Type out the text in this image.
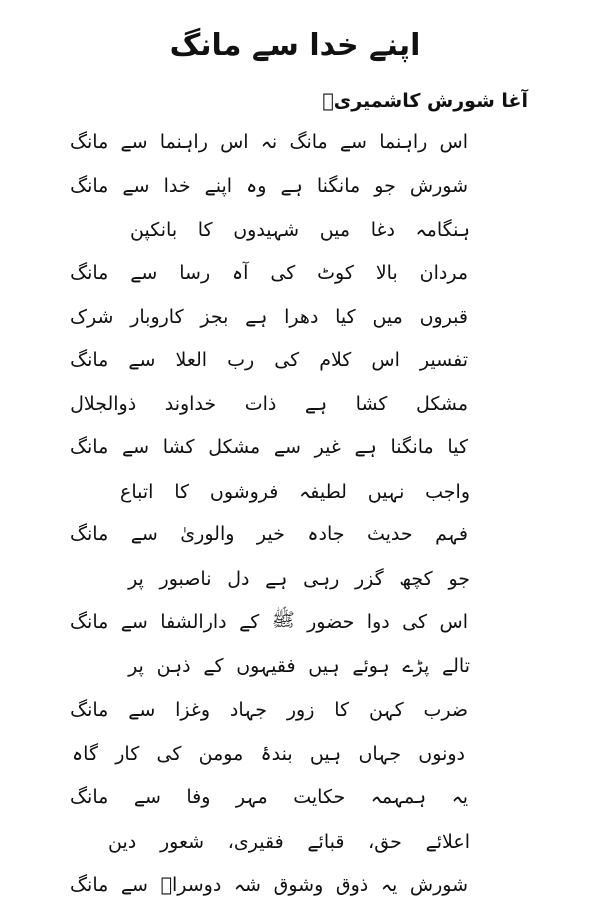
اپنے خدا سے مانگ
آغا شورش کاشمیریؒ
اس
راہنما
سے
مانگ
نہ
اس
راہنما
سے
مانگ
شورش
جو
مانگنا
ہے
وہ
اپنے
خدا
سے
مانگ
ہنگامہ
دغا
میں
شہیدوں
کا
بانکپن
مردان
بالا
کوٹ
کی
آہ
رسا
سے
مانگ
قبروں
میں
کیا
دھرا
ہے
بجز
کاروبار
شرک
تفسیر
اس
کلام
کی
رب
العلا
سے
مانگ
مشکل
کشا
ہے
ذات
خداوند
ذوالجلال
کیا
مانگنا
ہے
غیر
سے
مشکل
کشا
سے
مانگ
واجب
نہیں
لطیفہ
فروشوں
کا
اتباع
فہم
حدیث
جادہ
خیر
والوریٰ
سے
مانگ
جو
کچھ
گزر
رہی
ہے
دل
ناصبور
پر
اس
کی
دوا
حضور
ﷺ
کے
دارالشفا
سے
مانگ
تالے
پڑے
ہوئے
ہیں
فقیہوں
کے
ذہن
پر
ضرب
کہن
کا
زور
جہاد
وغزا
سے
مانگ
دونوں
جہاں
ہیں
بندۂ
مومن
کی
کار
گاہ
یہ
ہمہمہ
حکایت
مہر
وفا
سے
مانگ
اعلائے
حق،
قبائے
فقیری،
شعور
دین
شورش
یہ
ذوق
وشوق
شہ
دوسراؐ
سے
مانگ
